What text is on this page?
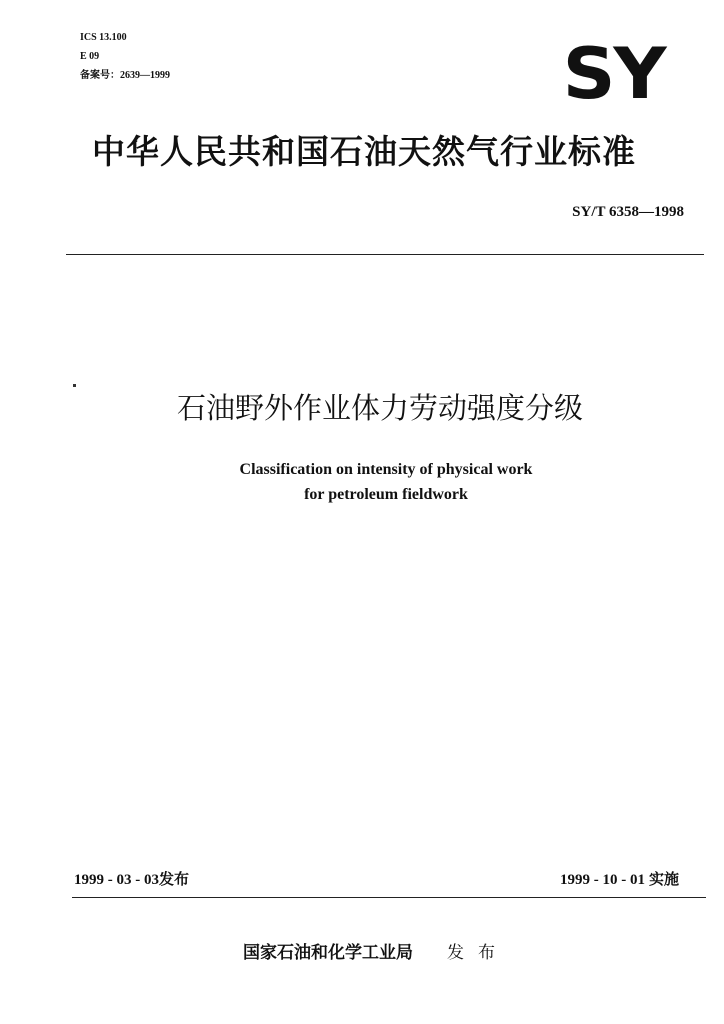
ICS 13.100
E 09
备案号：2639—1999	SY
中华人民共和国石油天然气行业标准
SY/T 6358—1998
石油野外作业体力劳动强度分级
Classification on intensity of physical work
for petroleum fieldwork
1999 - 03 - 03发布	1999 - 10 - 01 实施
国家石油和化学工业局 发布
